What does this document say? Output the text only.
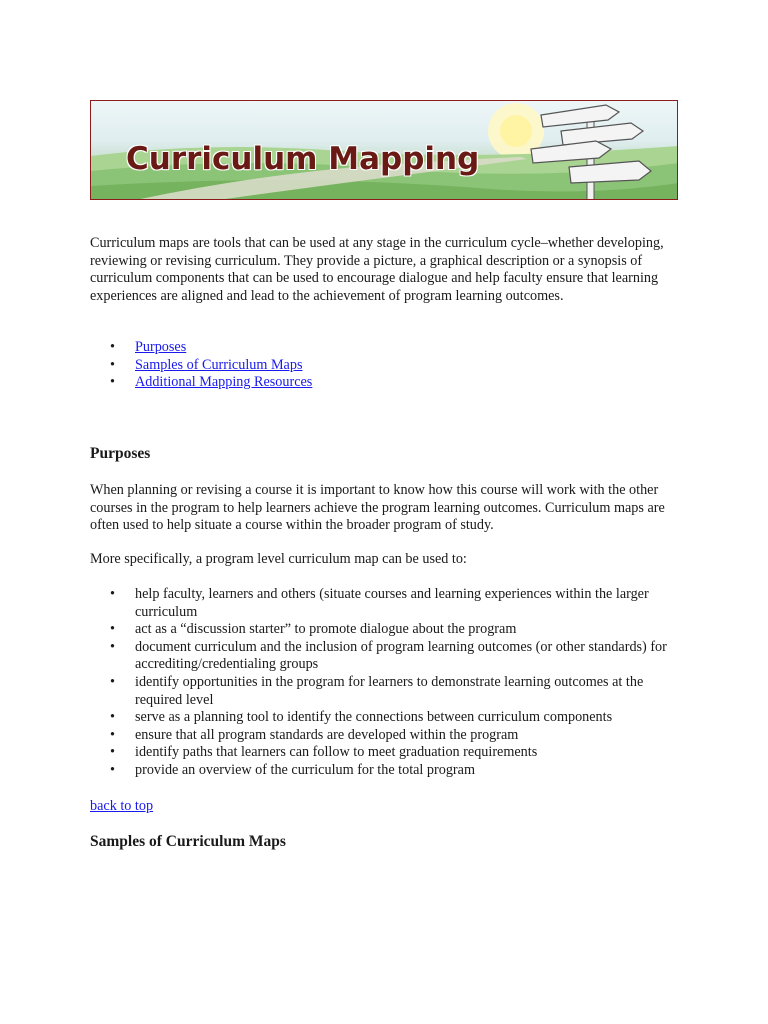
Curriculum Mapping

Curriculum maps are tools that can be used at any stage in the curriculum cycle–whether developing, reviewing or revising curriculum. They provide a picture, a graphical description or a synopsis of curriculum components that can be used to encourage dialogue and help faculty ensure that learning experiences are aligned and lead to the achievement of program learning outcomes.

• Purposes
• Samples of Curriculum Maps
• Additional Mapping Resources
Purposes

When planning or revising a course it is important to know how this course will work with the other courses in the program to help learners achieve the program learning outcomes. Curriculum maps are often used to help situate a course within the broader program of study.

More specifically, a program level curriculum map can be used to:

• help faculty, learners and others (situate courses and learning experiences within the larger curriculum
• act as a “discussion starter” to promote dialogue about the program
• document curriculum and the inclusion of program learning outcomes (or other standards) for accrediting/credentialing groups
• identify opportunities in the program for learners to demonstrate learning outcomes at the required level
• serve as a planning tool to identify the connections between curriculum components
• ensure that all program standards are developed within the program
• identify paths that learners can follow to meet graduation requirements
• provide an overview of the curriculum for the total program

back to top

Samples of Curriculum Maps
